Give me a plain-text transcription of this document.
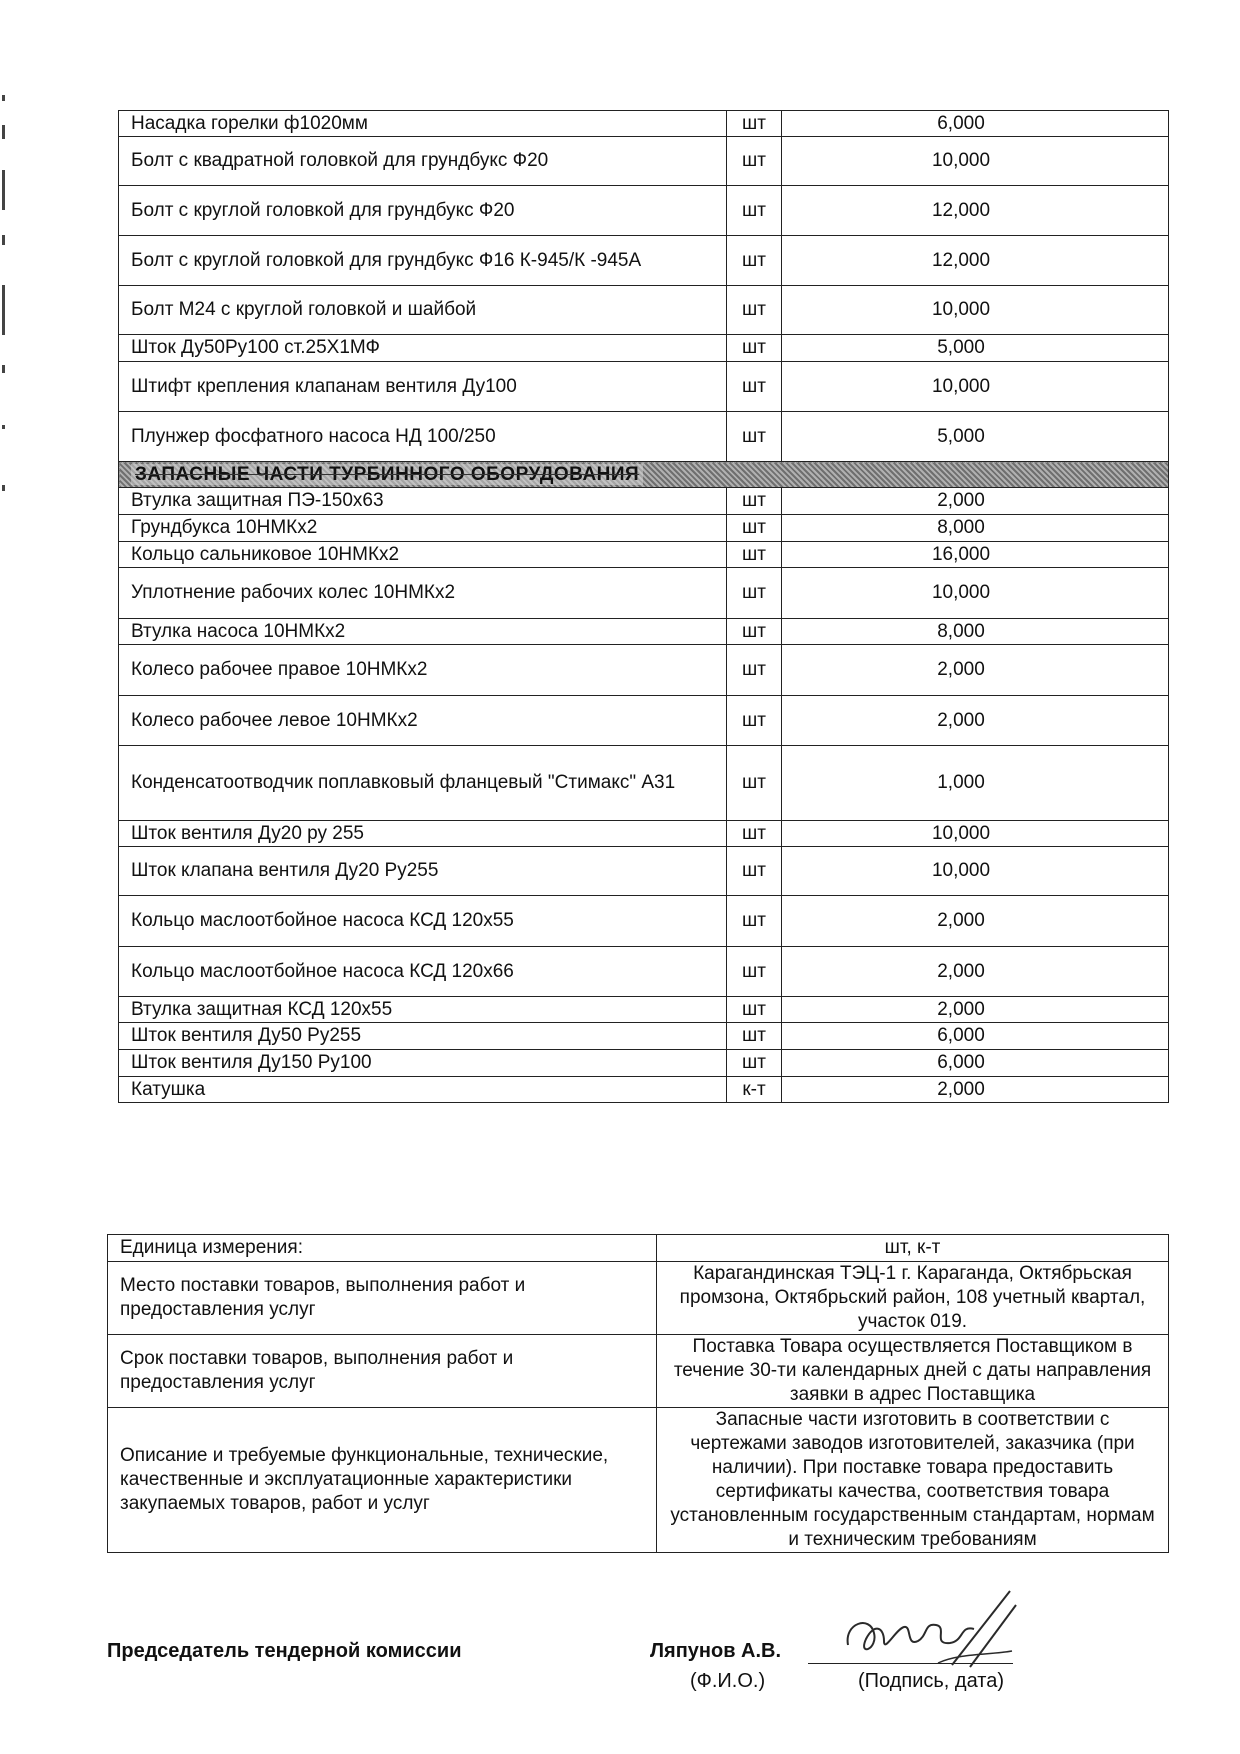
Насадка горелки ф1020мм	шт	6,000
Болт с квадратной головкой для грундбукс Ф20	шт	10,000
Болт с круглой головкой для грундбукс Ф20	шт	12,000
Болт с круглой головкой для грундбукс Ф16 К-945/К -945А	шт	12,000
Болт М24 с круглой головкой и шайбой	шт	10,000
Шток Ду50Ру100 ст.25Х1МФ	шт	5,000
Штифт крепления клапанам вентиля Ду100	шт	10,000
Плунжер фосфатного насоса НД 100/250	шт	5,000
ЗАПАСНЫЕ ЧАСТИ ТУРБИННОГО ОБОРУДОВАНИЯ		
Втулка защитная ПЭ-150х63	шт	2,000
Грундбукса 10НМКх2	шт	8,000
Кольцо сальниковое 10НМКх2	шт	16,000
Уплотнение рабочих колес 10НМКх2	шт	10,000
Втулка насоса 10НМКх2	шт	8,000
Колесо рабочее правое 10НМКх2	шт	2,000
Колесо рабочее левое 10НМКх2	шт	2,000
Конденсатоотводчик поплавковый фланцевый "Стимакс" А31	шт	1,000
Шток вентиля Ду20 ру 255	шт	10,000
Шток клапана вентиля Ду20 Ру255	шт	10,000
Кольцо маслоотбойное насоса КСД 120х55	шт	2,000
Кольцо маслоотбойное насоса КСД 120х66	шт	2,000
Втулка защитная КСД 120х55	шт	2,000
Шток вентиля Ду50 Ру255	шт	6,000
Шток вентиля Ду150 Ру100	шт	6,000
Катушка	к-т	2,000
Единица измерения:	шт, к-т
Место поставки товаров, выполнения работ и предоставления услуг	Карагандинская ТЭЦ-1 г. Караганда, Октябрьская промзона, Октябрьский район, 108 учетный квартал, участок 019.
Срок поставки товаров, выполнения работ и предоставления услуг	Поставка Товара осуществляется Поставщиком в течение 30-ти календарных дней с даты направления заявки в адрес Поставщика
Описание и требуемые функциональные, технические, качественные и эксплуатационные характеристики закупаемых товаров, работ и услуг	Запасные части изготовить в соответствии с чертежами заводов изготовителей, заказчика (при наличии). При поставке товара предоставить сертификаты качества, соответствия товара установленным государственным стандартам, нормам и техническим требованиям
Председатель тендерной комиссии	Ляпунов А.В.
(Ф.И.О.)	(Подпись, дата)
